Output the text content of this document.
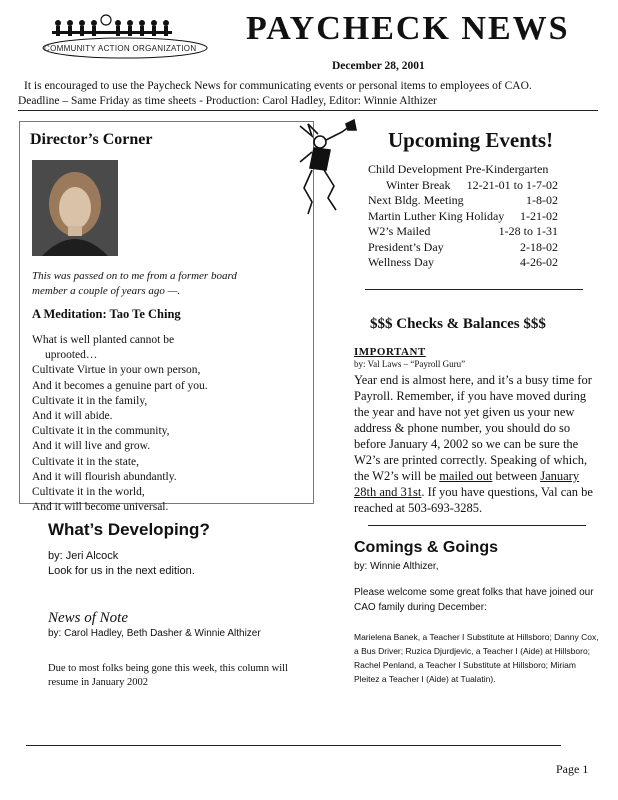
COMMUNITY ACTION ORGANIZATION
PAYCHECK NEWS
December 28, 2001
It is encouraged to use the Paycheck News for communicating events or personal items to employees of CAO.
Deadline – Same Friday as time sheets - Production: Carol Hadley, Editor: Winnie Althizer
Director’s Corner
This was passed on to me from a former board member a couple of years ago —.
A Meditation: Tao Te Ching
What is well planted cannot be
uprooted…
Cultivate Virtue in your own person,
And it becomes a genuine part of you.
Cultivate it in the family,
And it will abide.
Cultivate it in the community,
And it will live and grow.
Cultivate it in the state,
And it will flourish abundantly.
Cultivate it in the world,
And it will become universal.
What’s Developing?
by: Jeri Alcock
Look for us in the next edition.
News of Note
by: Carol Hadley, Beth Dasher & Winnie Althizer
Due to most folks being gone this week, this column will resume in January 2002
Upcoming Events!
Child Development Pre-Kindergarten
Winter Break 12-21-01 to 1-7-02
Next Bldg. Meeting	1-8-02
Martin Luther King Holiday 1-21-02
W2’s Mailed	1-28 to 1-31
President’s Day	2-18-02
Wellness Day	4-26-02
$$$ Checks & Balances $$$
IMPORTANT
by: Val Laws – “Payroll Guru”
Year end is almost here, and it’s a busy time for Payroll. Remember, if you have moved during the year and have not yet given us your new address & phone number, you should do so before January 4, 2002 so we can be sure the W2’s are printed correctly. Speaking of which, the W2’s will be mailed out between January 28th and 31st. If you have questions, Val can be reached at 503-693-3285.
Comings & Goings
by: Winnie Althizer,
Please welcome some great folks that have joined our CAO family during December:
Marielena Banek, a Teacher I Substitute at Hillsboro; Danny Cox, a Bus Driver; Ruzica Djurdjevic, a Teacher I (Aide) at Hillsboro; Rachel Penland, a Teacher I Substitute at Hillsboro; Miriam Pleitez a Teacher I (Aide) at Tualatin).
Page 1
